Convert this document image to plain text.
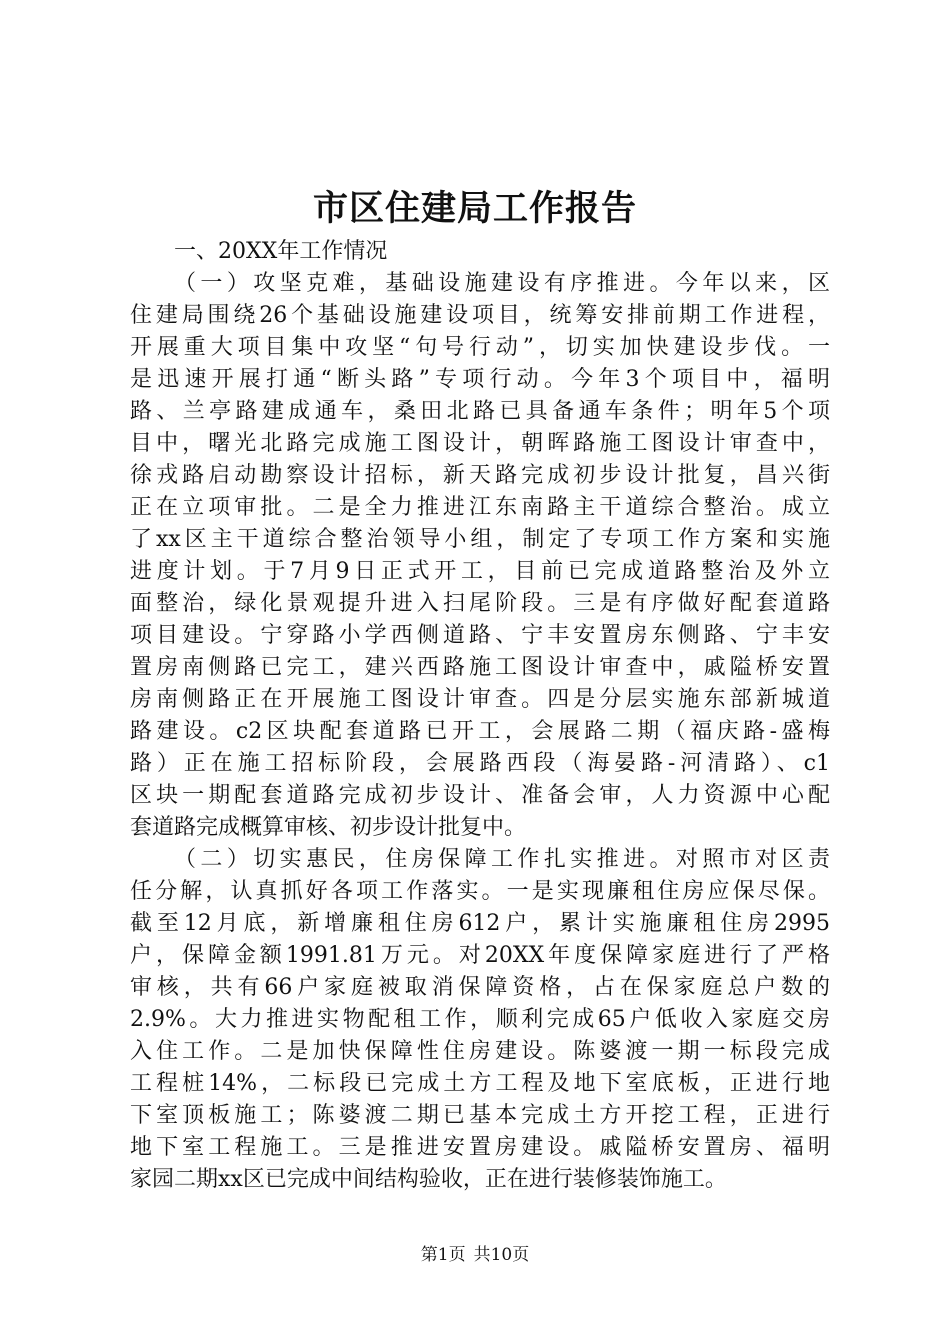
市区住建局工作报告

一、20XX年工作情况

（一）攻坚克难，基础设施建设有序推进。今年以来，区
住建局围绕26个基础设施建设项目，统筹安排前期工作进程，
开展重大项目集中攻坚“句号行动”，切实加快建设步伐。一
是迅速开展打通“断头路”专项行动。今年3个项目中，福明
路、兰亭路建成通车，桑田北路已具备通车条件；明年5个项
目中，曙光北路完成施工图设计，朝晖路施工图设计审查中，
徐戎路启动勘察设计招标，新天路完成初步设计批复，昌兴街
正在立项审批。二是全力推进江东南路主干道综合整治。成立
了xx区主干道综合整治领导小组，制定了专项工作方案和实施
进度计划。于7月9日正式开工，目前已完成道路整治及外立
面整治，绿化景观提升进入扫尾阶段。三是有序做好配套道路
项目建设。宁穿路小学西侧道路、宁丰安置房东侧路、宁丰安
置房南侧路已完工，建兴西路施工图设计审查中，戚隘桥安置
房南侧路正在开展施工图设计审查。四是分层实施东部新城道
路建设。c2区块配套道路已开工，会展路二期（福庆路-盛梅
路）正在施工招标阶段，会展路西段（海晏路-河清路）、c1
区块一期配套道路完成初步设计、准备会审，人力资源中心配
套道路完成概算审核、初步设计批复中。

（二）切实惠民，住房保障工作扎实推进。对照市对区责
任分解，认真抓好各项工作落实。一是实现廉租住房应保尽保。
截至12月底，新增廉租住房612户，累计实施廉租住房2995
户，保障金额1991.81万元。对20XX年度保障家庭进行了严格
审核，共有66户家庭被取消保障资格，占在保家庭总户数的
2.9%。大力推进实物配租工作，顺利完成65户低收入家庭交房
入住工作。二是加快保障性住房建设。陈婆渡一期一标段完成
工程桩14%，二标段已完成土方工程及地下室底板，正进行地
下室顶板施工；陈婆渡二期已基本完成土方开挖工程，正进行
地下室工程施工。三是推进安置房建设。戚隘桥安置房、福明
家园二期xx区已完成中间结构验收，正在进行装修装饰施工。

第1页 共10页
